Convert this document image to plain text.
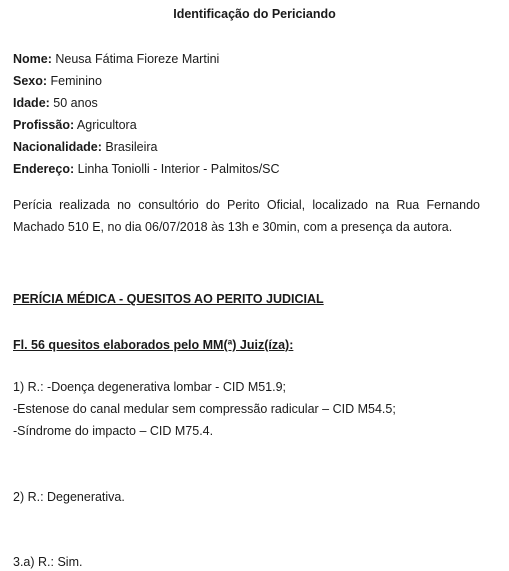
Identificação do Periciando
Nome: Neusa Fátima Fioreze Martini
Sexo: Feminino
Idade: 50 anos
Profissão: Agricultora
Nacionalidade: Brasileira
Endereço: Linha Toniolli - Interior - Palmitos/SC
Perícia realizada no consultório do Perito Oficial, localizado na Rua Fernando Machado 510 E, no dia 06/07/2018 às 13h e 30min, com a presença da autora.
PERÍCIA MÉDICA - QUESITOS AO PERITO JUDICIAL
Fl. 56 quesitos elaborados pelo MM(ª) Juiz(íza):
1) R.: -Doença degenerativa lombar - CID M51.9;
-Estenose do canal medular sem compressão radicular – CID M54.5;
-Síndrome do impacto – CID M75.4.
2) R.: Degenerativa.
3.a) R.: Sim.
